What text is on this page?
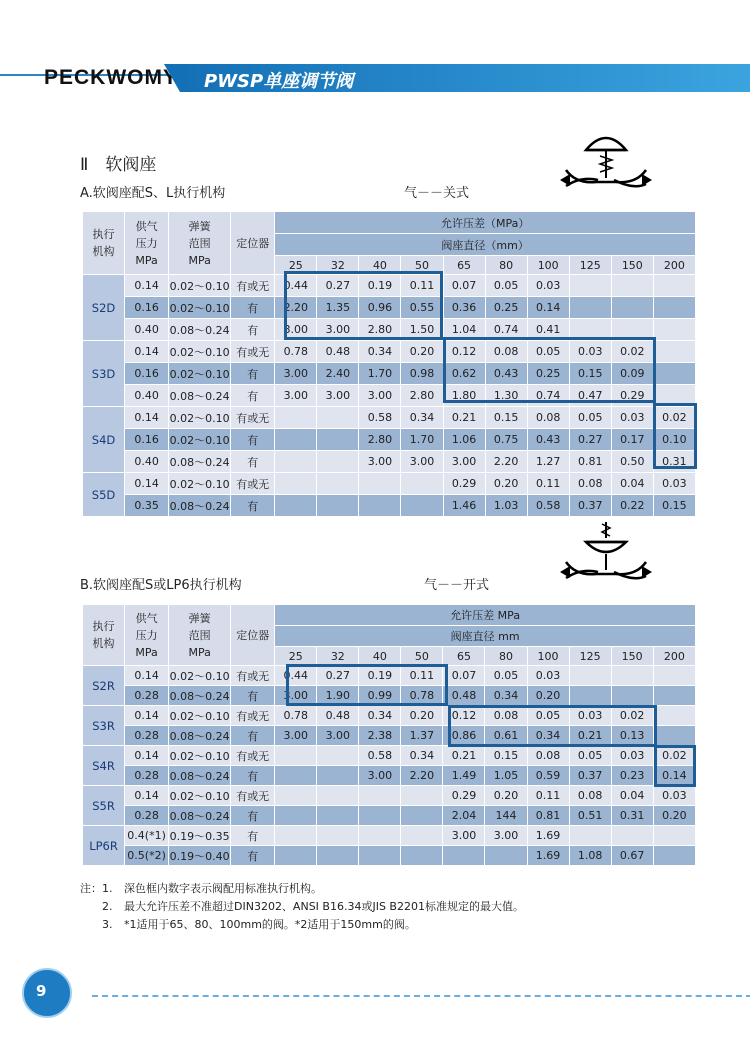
PECKWOMY PWSP单座调节阀
Ⅱ　软阀座
A.软阀座配S、L执行机构	气－－关式
执行
机构	供气
压力
MPa	弹簧
范围
MPa	定位器	允许压差（MPa）									
				阀座直径（mm）									
				25	32	40	50	65	80	100	125	150	200
S2D	0.14	0.02～0.10	有或无	0.44	0.27	0.19	0.11	0.07	0.05	0.03			
	0.16	0.02～0.10	有	2.20	1.35	0.96	0.55	0.36	0.25	0.14			
	0.40	0.08～0.24	有	3.00	3.00	2.80	1.50	1.04	0.74	0.41			
S3D	0.14	0.02～0.10	有或无	0.78	0.48	0.34	0.20	0.12	0.08	0.05	0.03	0.02	
	0.16	0.02～0.10	有	3.00	2.40	1.70	0.98	0.62	0.43	0.25	0.15	0.09	
	0.40	0.08～0.24	有	3.00	3.00	3.00	2.80	1.80	1.30	0.74	0.47	0.29	
S4D	0.14	0.02～0.10	有或无			0.58	0.34	0.21	0.15	0.08	0.05	0.03	0.02
	0.16	0.02～0.10	有			2.80	1.70	1.06	0.75	0.43	0.27	0.17	0.10
	0.40	0.08～0.24	有			3.00	3.00	3.00	2.20	1.27	0.81	0.50	0.31
S5D	0.14	0.02～0.10	有或无					0.29	0.20	0.11	0.08	0.04	0.03
	0.35	0.08～0.24	有					1.46	1.03	0.58	0.37	0.22	0.15
B.软阀座配S或LP6执行机构	气－－开式
执行
机构	供气
压力
MPa	弹簧
范围
MPa	定位器	允许压差 MPa									
				阀座直径 mm									
				25	32	40	50	65	80	100	125	150	200
S2R	0.14	0.02～0.10	有或无	0.44	0.27	0.19	0.11	0.07	0.05	0.03			
	0.28	0.08～0.24	有	3.00	1.90	0.99	0.78	0.48	0.34	0.20			
S3R	0.14	0.02～0.10	有或无	0.78	0.48	0.34	0.20	0.12	0.08	0.05	0.03	0.02	
	0.28	0.08～0.24	有	3.00	3.00	2.38	1.37	0.86	0.61	0.34	0.21	0.13	
S4R	0.14	0.02～0.10	有或无			0.58	0.34	0.21	0.15	0.08	0.05	0.03	0.02
	0.28	0.08～0.24	有			3.00	2.20	1.49	1.05	0.59	0.37	0.23	0.14
S5R	0.14	0.02～0.10	有或无					0.29	0.20	0.11	0.08	0.04	0.03
	0.28	0.08～0.24	有					2.04	144	0.81	0.51	0.31	0.20
LP6R	0.4(*1)	0.19～0.35	有					3.00	3.00	1.69			
	0.5(*2)	0.19～0.40	有							1.69	1.08	0.67	
注：1. 深色框内数字表示阀配用标准执行机构。
2. 最大允许压差不准超过DIN3202、ANSI B16.34或JIS B2201标准规定的最大值。
3. *1适用于65、80、100mm的阀。*2适用于150mm的阀。
9
